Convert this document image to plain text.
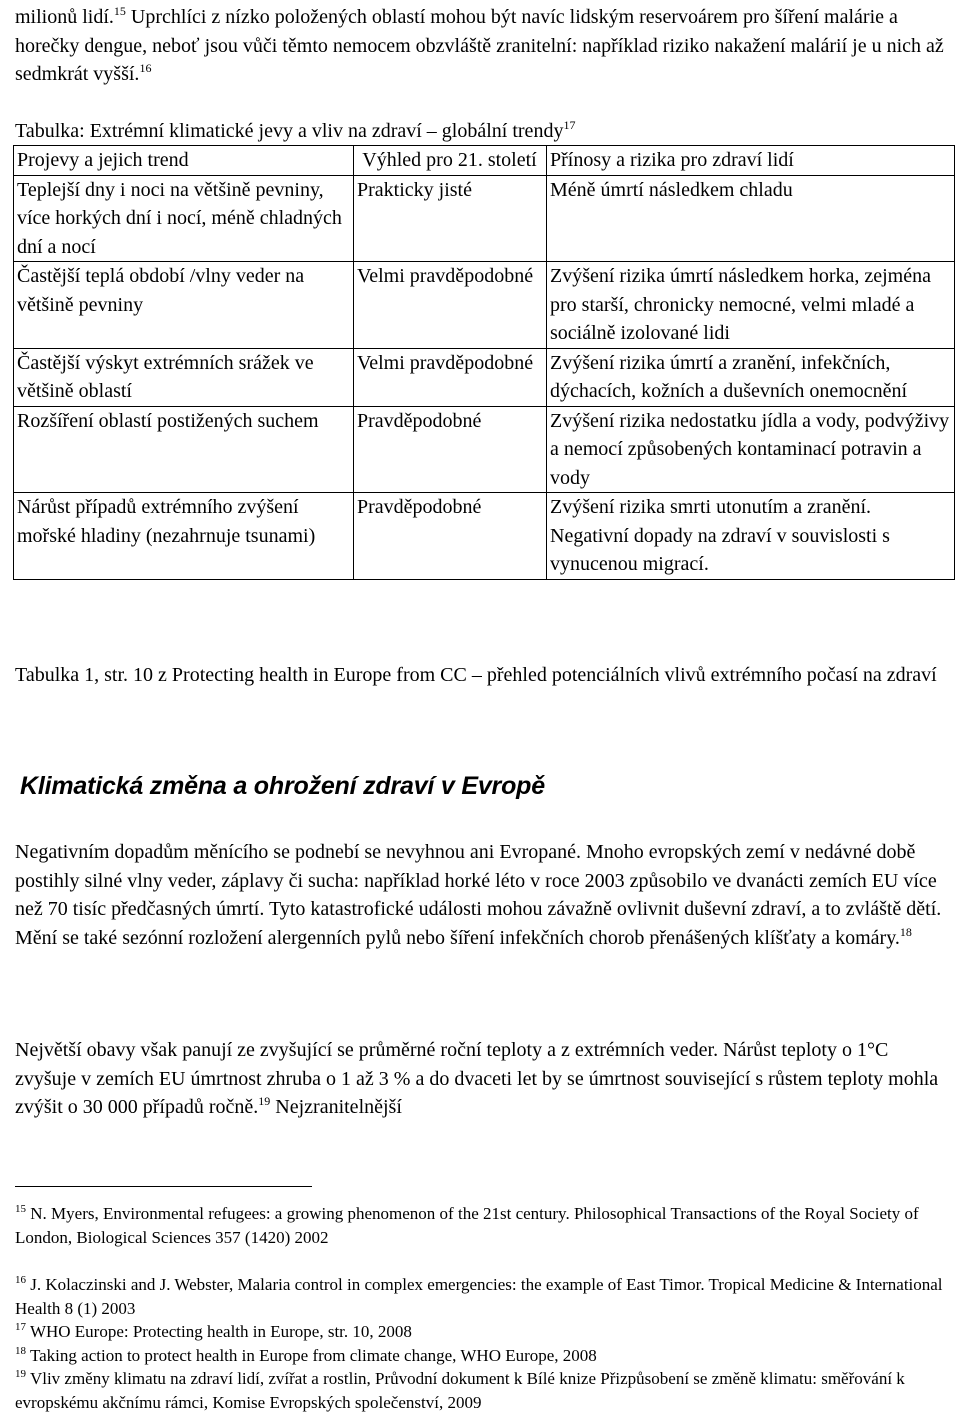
milionů lidí.$^{15}$ Uprchlíci z nízko položených oblastí mohou být navíc lidským reservoárem pro šíření malárie a horečky dengue, neboť jsou vůči těmto nemocem obzvláště zranitelní: například riziko nakažení malárií je u nich až sedmkrát vyšší.$^{16}$

Tabulka: Extrémní klimatické jevy a vliv na zdraví – globální trendy$^{17}$

Projevy a jejich trend	Výhled pro 21. století	Přínosy a rizika pro zdraví lidí
Teplejší dny i noci na většině pevniny, více horkých dní i nocí, méně chladných dní a nocí	Prakticky jisté	Méně úmrtí následkem chladu
Častější teplá období /vlny veder na většině pevniny	Velmi pravděpodobné	Zvýšení rizika úmrtí následkem horka, zejména pro starší, chronicky nemocné, velmi mladé a sociálně izolované lidi
Častější výskyt extrémních srážek ve většině oblastí	Velmi pravděpodobné	Zvýšení rizika úmrtí a zranění, infekčních, dýchacích, kožních a duševních onemocnění
Rozšíření oblastí postižených suchem	Pravděpodobné	Zvýšení rizika nedostatku jídla a vody, podvýživy a nemocí způsobených kontaminací potravin a vody
Nárůst případů extrémního zvýšení mořské hladiny (nezahrnuje tsunami)	Pravděpodobné	Zvýšení rizika smrti utonutím a zranění. Negativní dopady na zdraví v souvislosti s vynucenou migrací.

Tabulka 1, str. 10 z Protecting health in Europe from CC – přehled potenciálních vlivů extrémního počasí na zdraví

Klimatická změna a ohrožení zdraví v Evropě

Negativním dopadům měnícího se podnebí se nevyhnou ani Evropané. Mnoho evropských zemí v nedávné době postihly silné vlny veder, záplavy či sucha: například horké léto v roce 2003 způsobilo ve dvanácti zemích EU více než 70 tisíc předčasných úmrtí. Tyto katastrofické události mohou závažně ovlivnit duševní zdraví, a to zvláště dětí. Mění se také sezónní rozložení alergenních pylů nebo šíření infekčních chorob přenášených klíšťaty a komáry.$^{18}$

Největší obavy však panují ze zvyšující se průměrné roční teploty a z extrémních veder. Nárůst teploty o 1°C zvyšuje v zemích EU úmrtnost zhruba o 1 až 3 % a do dvaceti let by se úmrtnost související s růstem teploty mohla zvýšit o 30 000 případů ročně.$^{19}$ Nejzranitelnější

$^{15}$ N. Myers, Environmental refugees: a growing phenomenon of the 21st century. Philosophical Transactions of the Royal Society of London, Biological Sciences 357 (1420) 2002

$^{16}$ J. Kolaczinski and J. Webster, Malaria control in complex emergencies: the example of East Timor. Tropical Medicine & International Health 8 (1) 2003

$^{17}$ WHO Europe: Protecting health in Europe, str. 10, 2008

$^{18}$ Taking action to protect health in Europe from climate change, WHO Europe, 2008

$^{19}$ Vliv změny klimatu na zdraví lidí, zvířat a rostlin, Průvodní dokument k Bílé knize Přizpůsobení se změně klimatu: směřování k evropskému akčnímu rámci, Komise Evropských společenství, 2009
